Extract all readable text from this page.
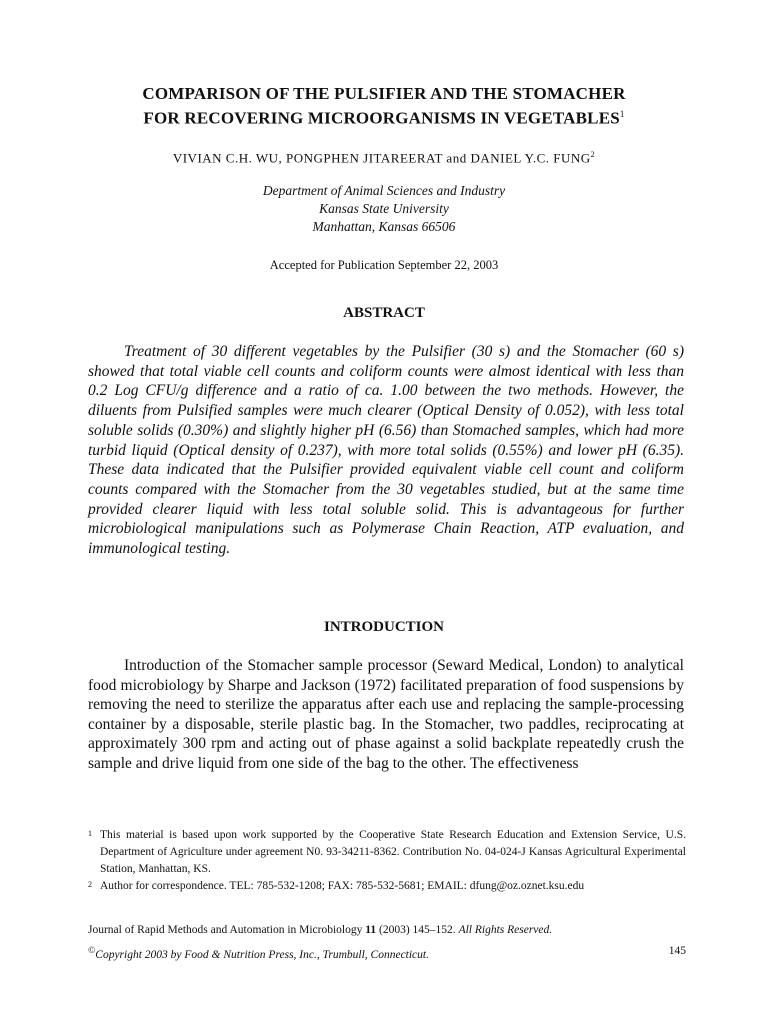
COMPARISON OF THE PULSIFIER AND THE STOMACHER
FOR RECOVERING MICROORGANISMS IN VEGETABLES$^1$
VIVIAN C.H. WU, PONGPHEN JITAREERAT and DANIEL Y.C. FUNG$^2$
Department of Animal Sciences and Industry
Kansas State University
Manhattan, Kansas 66506
Accepted for Publication September 22, 2003
ABSTRACT

Treatment of 30 different vegetables by the Pulsifier (30 s) and the Stomacher (60 s) showed that total viable cell counts and coliform counts were almost identical with less than 0.2 Log CFU/g difference and a ratio of ca. 1.00 between the two methods. However, the diluents from Pulsified samples were much clearer (Optical Density of 0.052), with less total soluble solids (0.30%) and slightly higher pH (6.56) than Stomached samples, which had more turbid liquid (Optical density of 0.237), with more total solids (0.55%) and lower pH (6.35). These data indicated that the Pulsifier provided equivalent viable cell count and coliform counts compared with the Stomacher from the 30 vegetables studied, but at the same time provided clearer liquid with less total soluble solid. This is advantageous for further microbiological manipulations such as Polymerase Chain Reaction, ATP evaluation, and immunological testing.

INTRODUCTION

Introduction of the Stomacher sample processor (Seward Medical, London) to analytical food microbiology by Sharpe and Jackson (1972) facilitated preparation of food suspensions by removing the need to sterilize the apparatus after each use and replacing the sample-processing container by a disposable, sterile plastic bag. In the Stomacher, two paddles, reciprocating at approximately 300 rpm and acting out of phase against a solid backplate repeatedly crush the sample and drive liquid from one side of the bag to the other. The effectiveness

1 This material is based upon work supported by the Cooperative State Research Education and Extension Service, U.S. Department of Agriculture under agreement N0. 93-34211-8362. Contribution No. 04-024-J Kansas Agricultural Experimental Station, Manhattan, KS.
2 Author for correspondence. TEL: 785-532-1208; FAX: 785-532-5681; EMAIL: dfung@oz.oznet.ksu.edu
Journal of Rapid Methods and Automation in Microbiology 11 (2003) 145–152. All Rights Reserved.
©Copyright 2003 by Food & Nutrition Press, Inc., Trumbull, Connecticut.	145
